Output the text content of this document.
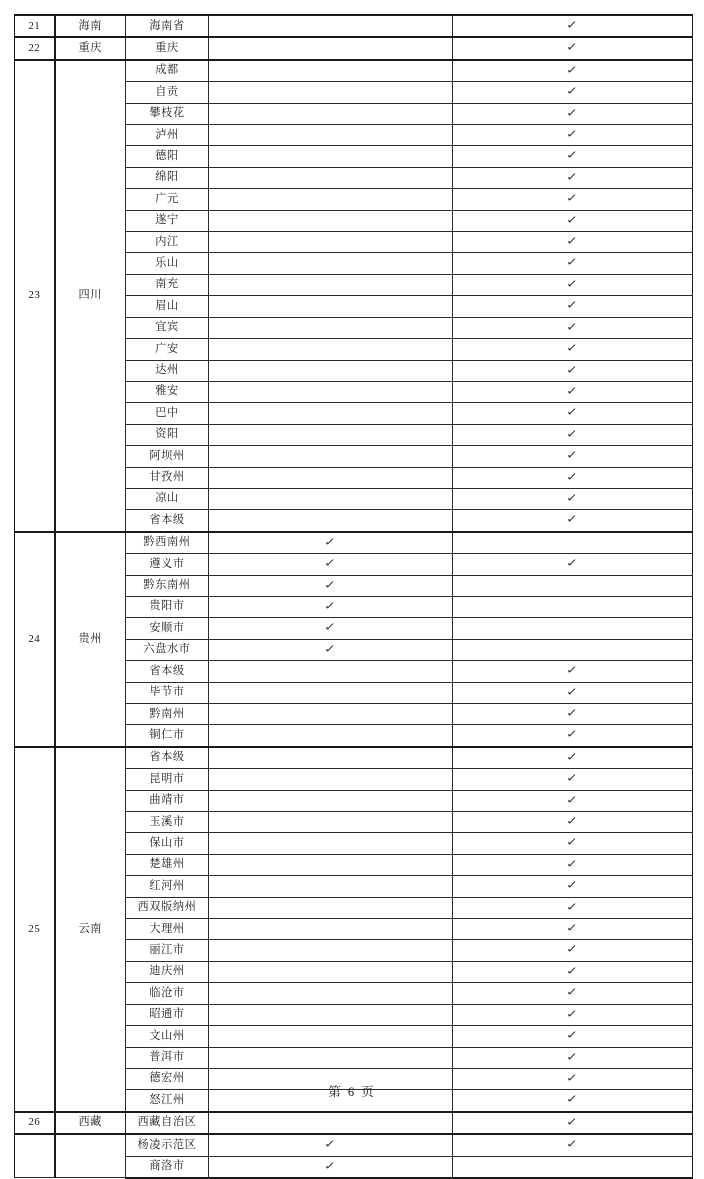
21	海南	海南省		✓
22	重庆	重庆		✓
23	四川	成都		✓
		自贡		✓
		攀枝花		✓
		泸州		✓
		德阳		✓
		绵阳		✓
		广元		✓
		遂宁		✓
		内江		✓
		乐山		✓
		南充		✓
		眉山		✓
		宜宾		✓
		广安		✓
		达州		✓
		雅安		✓
		巴中		✓
		资阳		✓
		阿坝州		✓
		甘孜州		✓
		凉山		✓
		省本级		✓
24	贵州	黔西南州	✓	
		遵义市	✓	✓
		黔东南州	✓	
		贵阳市	✓	
		安顺市	✓	
		六盘水市	✓	
		省本级		✓
		毕节市		✓
		黔南州		✓
		铜仁市		✓
25	云南	省本级		✓
		昆明市		✓
		曲靖市		✓
		玉溪市		✓
		保山市		✓
		楚雄州		✓
		红河州		✓
		西双版纳州		✓
		大理州		✓
		丽江市		✓
		迪庆州		✓
		临沧市		✓
		昭通市		✓
		文山州		✓
		普洱市		✓
		德宏州		✓
		怒江州		✓
26	西藏	西藏自治区		✓
		杨凌示范区	✓	✓
		商洛市	✓	
第 6 页
